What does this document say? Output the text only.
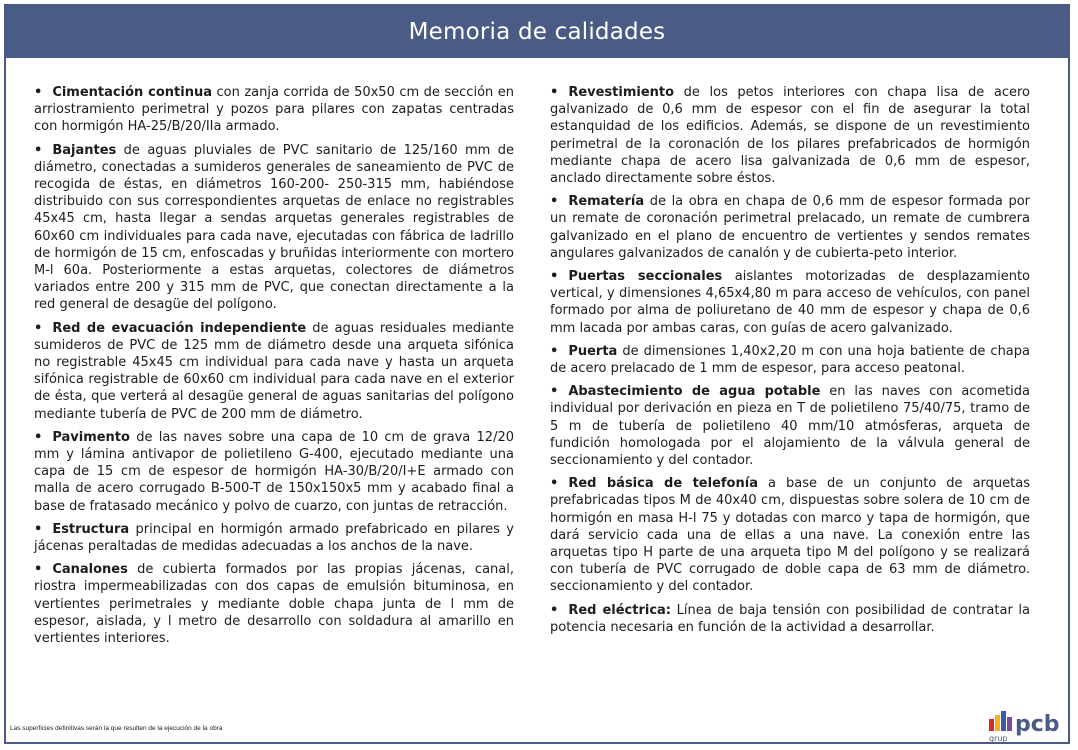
Memoria de calidades

• Cimentación continua con zanja corrida de 50x50 cm de sección en arriostramiento perimetral y pozos para pilares con zapatas centradas con hormigón HA-25/B/20/IIa armado.

• Bajantes de aguas pluviales de PVC sanitario de 125/160 mm de diámetro, conectadas a sumideros generales de saneamiento de PVC de recogida de éstas, en diámetros 160-200- 250-315 mm, habiéndose distribuido con sus correspondientes arquetas de enlace no registrables 45x45 cm, hasta llegar a sendas arquetas generales registrables de 60x60 cm individuales para cada nave, ejecutadas con fábrica de ladrillo de hormigón de 15 cm, enfoscadas y bruñidas interiormente con mortero M-l 60a. Posteriormente a estas arquetas, colectores de diámetros variados entre 200 y 315 mm de PVC, que conectan directamente a la red general de desagüe del polígono.

• Red de evacuación independiente de aguas residuales mediante sumideros de PVC de 125 mm de diámetro desde una arqueta sifónica no registrable 45x45 cm individual para cada nave y hasta un arqueta sifónica registrable de 60x60 cm individual para cada nave en el exterior de ésta, que verterá al desagüe general de aguas sanitarias del polígono mediante tubería de PVC de 200 mm de diámetro.

• Pavimento de las naves sobre una capa de 10 cm de grava 12/20 mm y lámina antivapor de polietileno G-400, ejecutado mediante una capa de 15 cm de espesor de hormigón HA-30/B/20/I+E armado con malla de acero corrugado B-500-T de 150x150x5 mm y acabado final a base de fratasado mecánico y polvo de cuarzo, con juntas de retracción.

• Estructura principal en hormigón armado prefabricado en pilares y jácenas peraltadas de medidas adecuadas a los anchos de la nave.

• Canalones de cubierta formados por las propias jácenas, canal, riostra impermeabilizadas con dos capas de emulsión bituminosa, en vertientes perimetrales y mediante doble chapa junta de l mm de espesor, aislada, y l metro de desarrollo con soldadura al amarillo en vertientes interiores.

• Revestimiento de los petos interiores con chapa lisa de acero galvanizado de 0,6 mm de espesor con el fin de asegurar la total estanquidad de los edificios. Además, se dispone de un revestimiento perimetral de la coronación de los pilares prefabricados de hormigón mediante chapa de acero lisa galvanizada de 0,6 mm de espesor, anclado directamente sobre éstos.

• Rematería de la obra en chapa de 0,6 mm de espesor formada por un remate de coronación perimetral prelacado, un remate de cumbrera galvanizado en el plano de encuentro de vertientes y sendos remates angulares galvanizados de canalón y de cubierta-peto interior.

• Puertas seccionales aislantes motorizadas de desplazamiento vertical, y dimensiones 4,65x4,80 m para acceso de vehículos, con panel formado por alma de poliuretano de 40 mm de espesor y chapa de 0,6 mm lacada por ambas caras, con guías de acero galvanizado.

• Puerta de dimensiones 1,40x2,20 m con una hoja batiente de chapa de acero prelacado de 1 mm de espesor, para acceso peatonal.

• Abastecimiento de agua potable en las naves con acometida individual por derivación en pieza en T de polietileno 75/40/75, tramo de 5 m de tubería de polietileno 40 mm/10 atmósferas, arqueta de fundición homologada por el alojamiento de la válvula general de seccionamiento y del contador.

• Red básica de telefonía a base de un conjunto de arquetas prefabricadas tipos M de 40x40 cm, dispuestas sobre solera de 10 cm de hormigón en masa H-l 75 y dotadas con marco y tapa de hormigón, que dará servicio cada una de ellas a una nave. La conexión entre las arquetas tipo H parte de una arqueta tipo M del polígono y se realizará con tubería de PVC corrugado de doble capa de 63 mm de diámetro. seccionamiento y del contador.

• Red eléctrica: Línea de baja tensión con posibilidad de contratar la potencia necesaria en función de la actividad a desarrollar.

Las superficies definitivas serán la que resulten de la ejecución de la obra	pcb
grup
